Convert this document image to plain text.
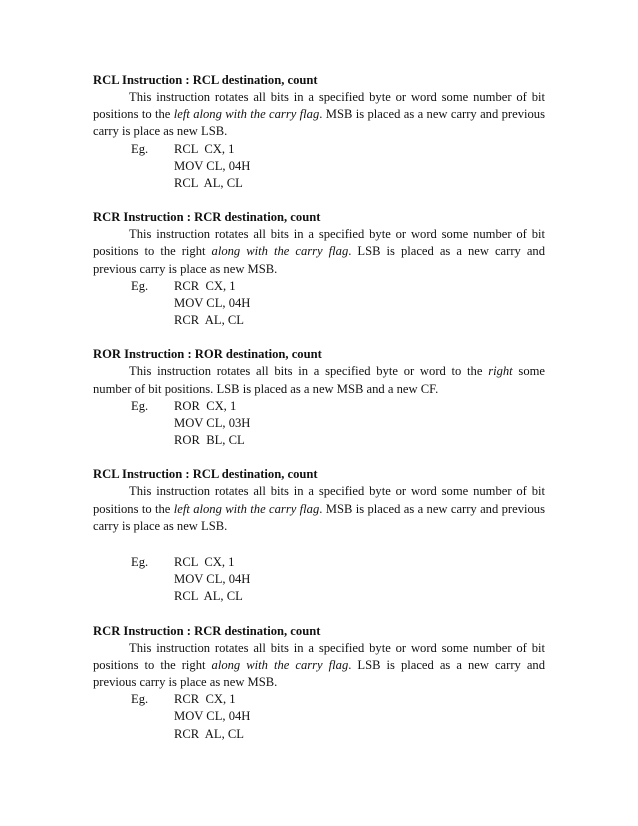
RCL Instruction : RCL destination, count
This instruction rotates all bits in a specified byte or word some number of bit positions to the left along with the carry flag. MSB is placed as a new carry and previous carry is place as new LSB.
Eg.	RCL  CX, 1
MOV CL, 04H
RCL  AL, CL
RCR Instruction : RCR destination, count
This instruction rotates all bits in a specified byte or word some number of bit positions to the right along with the carry flag. LSB is placed as a new carry and previous carry is place as new MSB.
Eg.	RCR  CX, 1
MOV CL, 04H
RCR  AL, CL
ROR Instruction : ROR destination, count
This instruction rotates all bits in a specified byte or word to the right some number of bit positions. LSB is placed as a new MSB and a new CF.
Eg.	ROR  CX, 1
MOV CL, 03H
ROR  BL, CL
RCL Instruction : RCL destination, count
This instruction rotates all bits in a specified byte or word some number of bit positions to the left along with the carry flag. MSB is placed as a new carry and previous carry is place as new LSB.
Eg.	RCL  CX, 1
MOV CL, 04H
RCL  AL, CL
RCR Instruction : RCR destination, count
This instruction rotates all bits in a specified byte or word some number of bit positions to the right along with the carry flag. LSB is placed as a new carry and previous carry is place as new MSB.
Eg.	RCR  CX, 1
MOV CL, 04H
RCR  AL, CL
